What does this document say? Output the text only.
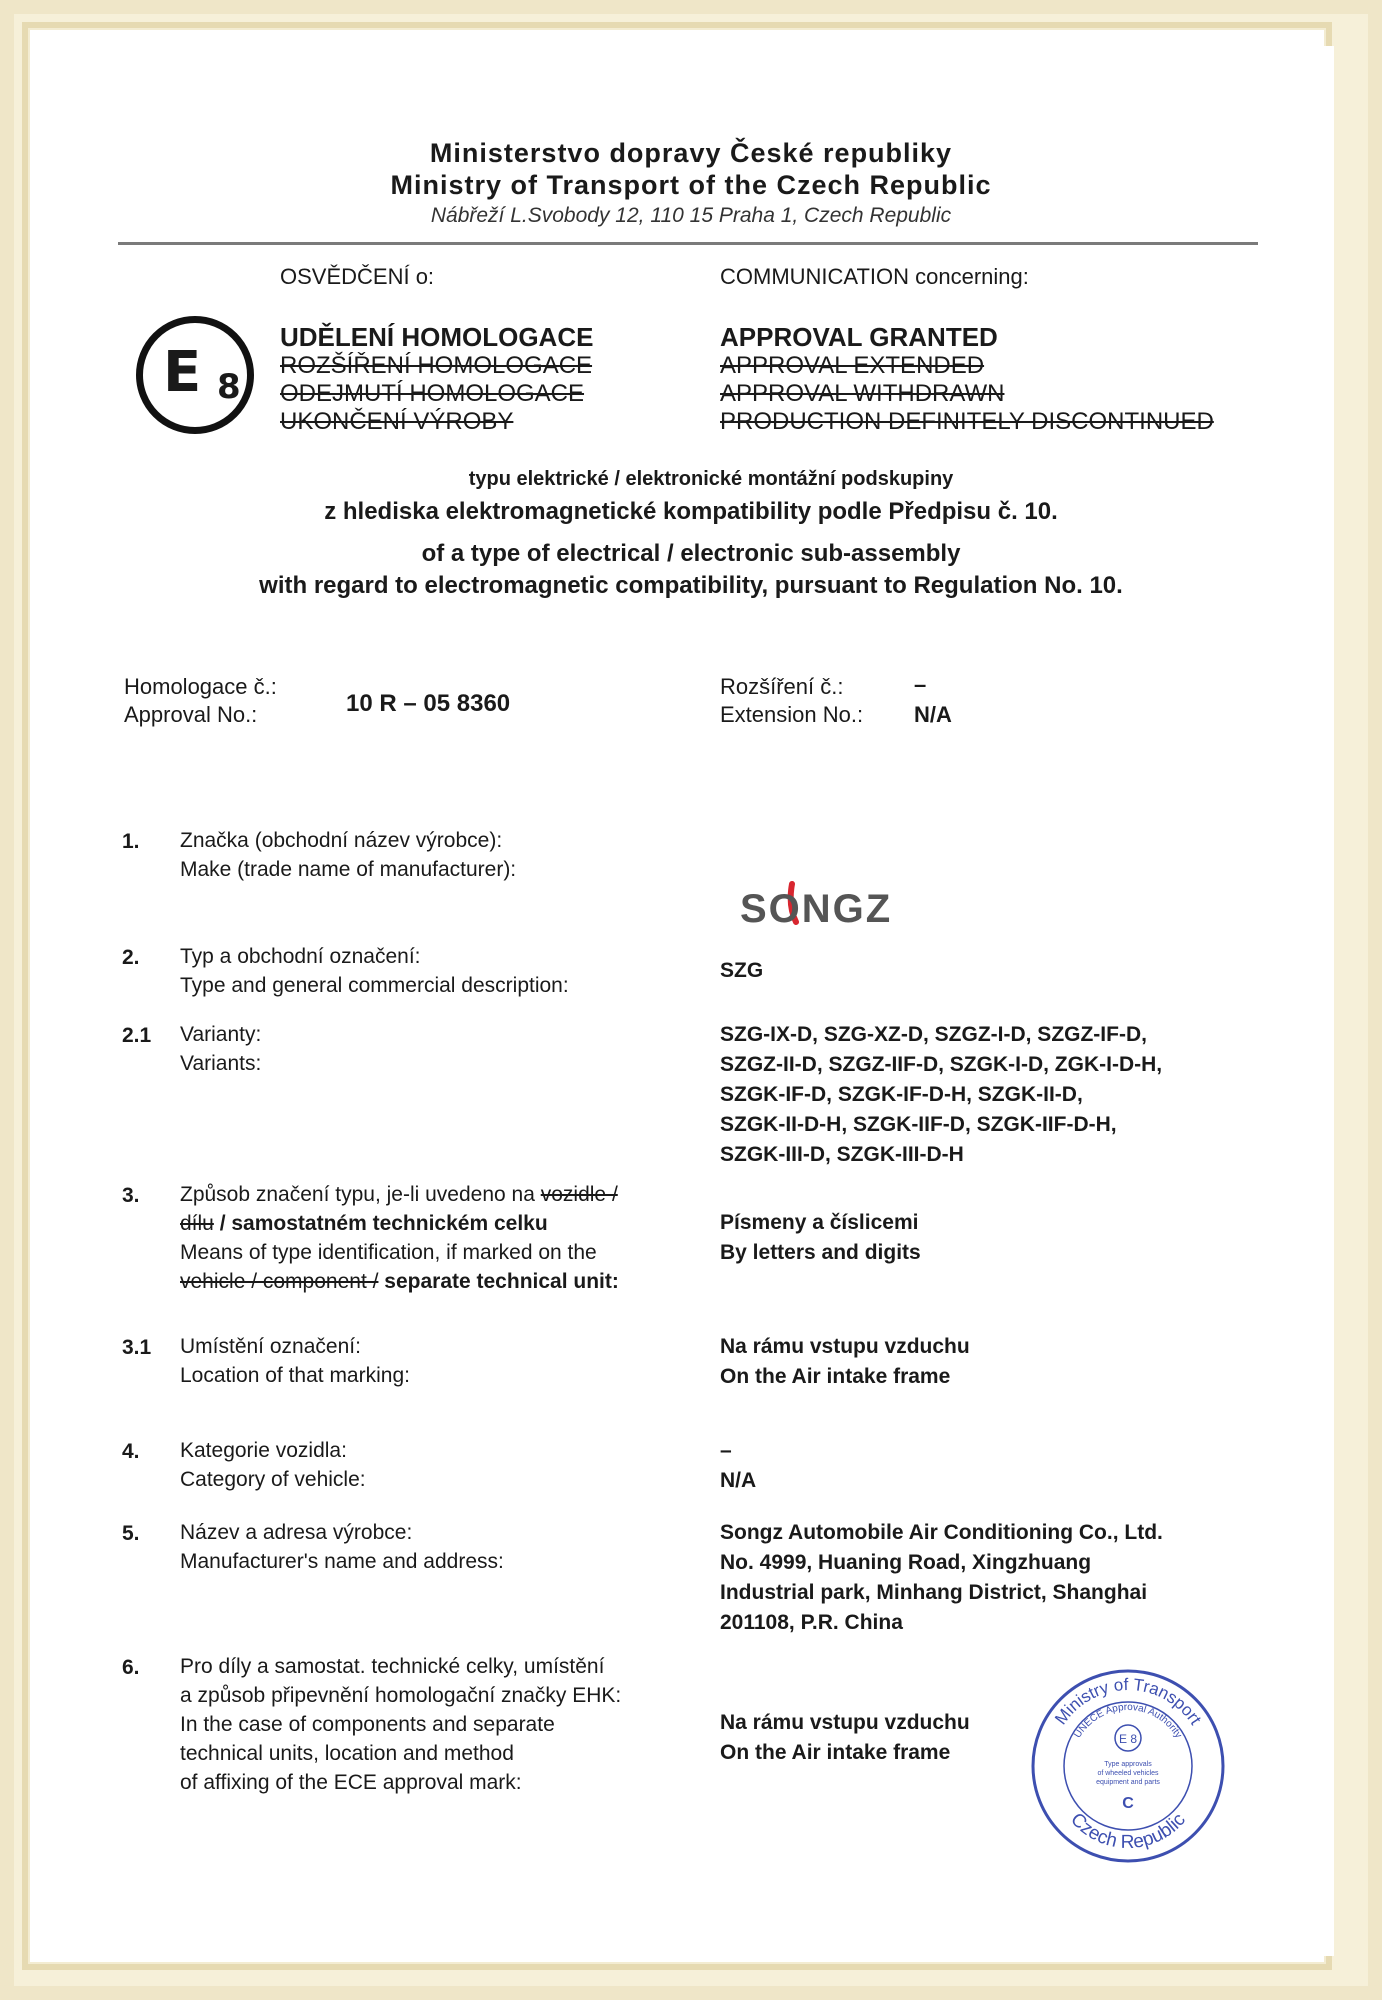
Ministerstvo dopravy České republiky
Ministry of Transport of the Czech Republic
Nábřeží L.Svobody 12, 110 15 Praha 1, Czech Republic
OSVĚDČENÍ o:	COMMUNICATION concerning:
E 8
UDĚLENÍ HOMOLOGACE
ROZŠÍŘENÍ HOMOLOGACE
ODEJMUTÍ HOMOLOGACE
UKONČENÍ VÝROBY
APPROVAL GRANTED
APPROVAL EXTENDED
APPROVAL WITHDRAWN
PRODUCTION DEFINITELY DISCONTINUED
typu elektrické / elektronické montážní podskupiny
z hlediska elektromagnetické kompatibility podle Předpisu č. 10.
of a type of electrical / electronic sub-assembly
with regard to electromagnetic compatibility, pursuant to Regulation No. 10.
Homologace č.:
Approval No.:	10 R – 05 8360
Rozšíření č.:
Extension No.:
–
N/A
1. Značka (obchodní název výrobce):
Make (trade name of manufacturer):
SONGZ
2. Typ a obchodní označení:
Type and general commercial description:
SZG
2.1 Varianty:
Variants:
SZG-IX-D, SZG-XZ-D, SZGZ-I-D, SZGZ-IF-D,
SZGZ-II-D, SZGZ-IIF-D, SZGK-I-D, ZGK-I-D-H,
SZGK-IF-D, SZGK-IF-D-H, SZGK-II-D,
SZGK-II-D-H, SZGK-IIF-D, SZGK-IIF-D-H,
SZGK-III-D, SZGK-III-D-H
3. Způsob značení typu, je-li uvedeno na vozidle /
dílu / samostatném technickém celku
Means of type identification, if marked on the
vehicle / component / separate technical unit:
Písmeny a číslicemi
By letters and digits
3.1 Umístění označení:
Location of that marking:
Na rámu vstupu vzduchu
On the Air intake frame
4. Kategorie vozidla:
Category of vehicle:
–
N/A
5. Název a adresa výrobce:
Manufacturer's name and address:
Songz Automobile Air Conditioning Co., Ltd.
No. 4999, Huaning Road, Xingzhuang
Industrial park, Minhang District, Shanghai
201108, P.R. China
6. Pro díly a samostat. technické celky, umístění
a způsob připevnění homologační značky EHK:
In the case of components and separate
technical units, location and method
of affixing of the ECE approval mark:
Na rámu vstupu vzduchu
On the Air intake frame
Ministry of Transport
UNECE Approval Authority
Czech Republic
E 8
Type approvals
of wheeled vehicles
equipment and parts
C
